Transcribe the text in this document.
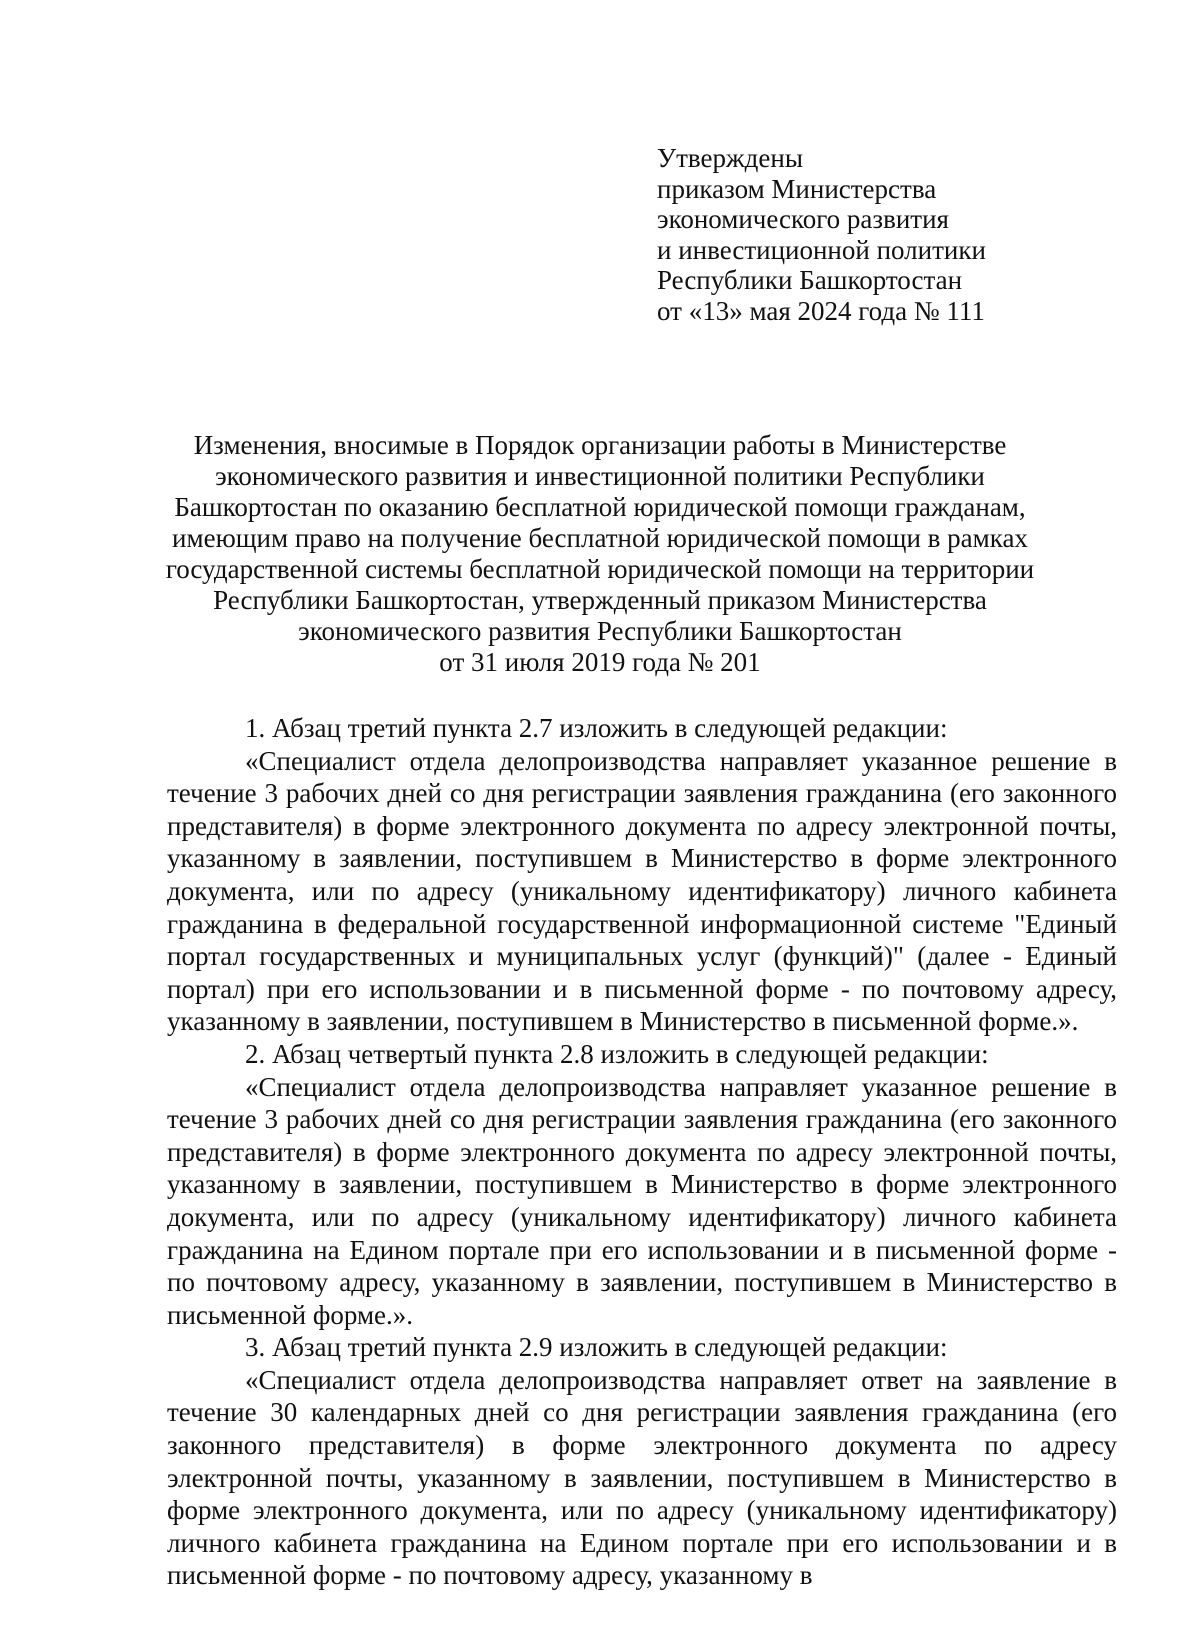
Утверждены
приказом Министерства
экономического развития
и инвестиционной политики
Республики Башкортостан
от «13» мая 2024 года № 111
Изменения, вносимые в Порядок организации работы в Министерстве
экономического развития и инвестиционной политики Республики
Башкортостан по оказанию бесплатной юридической помощи гражданам,
имеющим право на получение бесплатной юридической помощи в рамках
государственной системы бесплатной юридической помощи на территории
Республики Башкортостан, утвержденный приказом Министерства
экономического развития Республики Башкортостан
от 31 июля 2019 года № 201

1. Абзац третий пункта 2.7 изложить в следующей редакции:

«Специалист отдела делопроизводства направляет указанное решение в течение 3 рабочих дней со дня регистрации заявления гражданина (его законного представителя) в форме электронного документа по адресу электронной почты, указанному в заявлении, поступившем в Министерство в форме электронного документа, или по адресу (уникальному идентификатору) личного кабинета гражданина в федеральной государственной информационной системе "Единый портал государственных и муниципальных услуг (функций)" (далее - Единый портал) при его использовании и в письменной форме - по почтовому адресу, указанному в заявлении, поступившем в Министерство в письменной форме.».

2. Абзац четвертый пункта 2.8 изложить в следующей редакции:

«Специалист отдела делопроизводства направляет указанное решение в течение 3 рабочих дней со дня регистрации заявления гражданина (его законного представителя) в форме электронного документа по адресу электронной почты, указанному в заявлении, поступившем в Министерство в форме электронного документа, или по адресу (уникальному идентификатору) личного кабинета гражданина на Едином портале при его использовании и в письменной форме - по почтовому адресу, указанному в заявлении, поступившем в Министерство в письменной форме.».

3. Абзац третий пункта 2.9 изложить в следующей редакции:

«Специалист отдела делопроизводства направляет ответ на заявление в течение 30 календарных дней со дня регистрации заявления гражданина (его законного представителя) в форме электронного документа по адресу электронной почты, указанному в заявлении, поступившем в Министерство в форме электронного документа, или по адресу (уникальному идентификатору) личного кабинета гражданина на Едином портале при его использовании и в письменной форме - по почтовому адресу, указанному в
